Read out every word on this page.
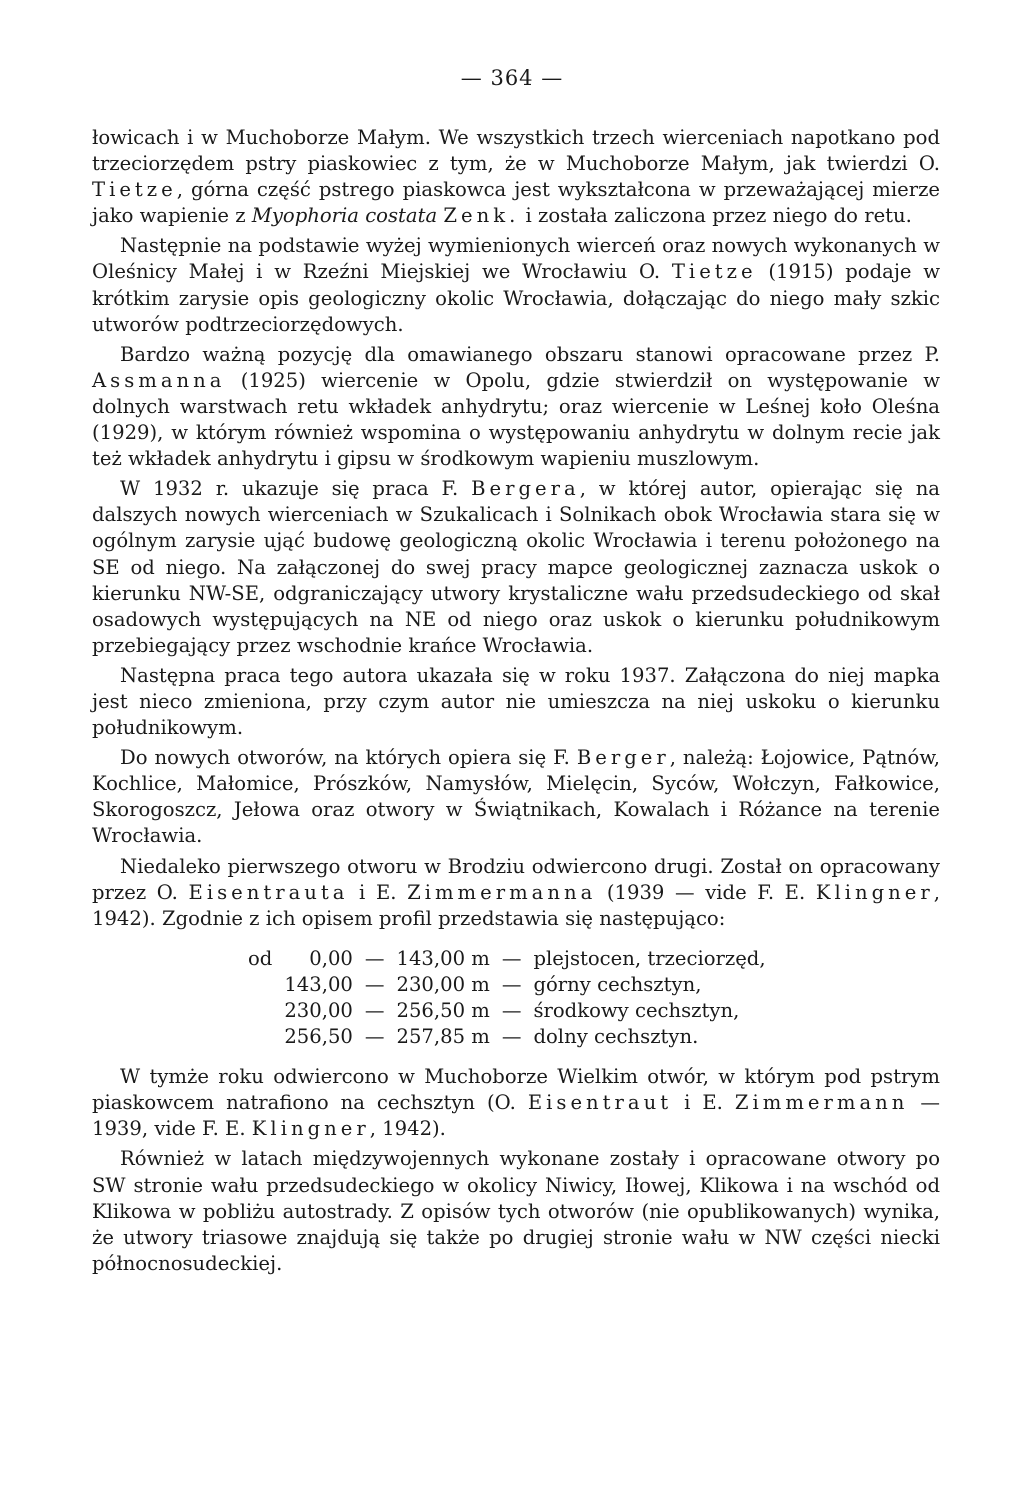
— 364 —

łowicach i w Muchoborze Małym. We wszystkich trzech wierceniach napotkano pod trzeciorzędem pstry piaskowiec z tym, że w Muchoborze Małym, jak twierdzi O. Tietze, górna część pstrego piaskowca jest wykształcona w przeważającej mierze jako wapienie z Myophoria costata Zenk. i została zaliczona przez niego do retu.

Następnie na podstawie wyżej wymienionych wierceń oraz nowych wykonanych w Oleśnicy Małej i w Rzeźni Miejskiej we Wrocławiu O. Tietze (1915) podaje w krótkim zarysie opis geologiczny okolic Wrocławia, dołączając do niego mały szkic utworów podtrzeciorzędowych.

Bardzo ważną pozycję dla omawianego obszaru stanowi opracowane przez P. Assmanna (1925) wiercenie w Opolu, gdzie stwierdził on występowanie w dolnych warstwach retu wkładek anhydrytu; oraz wiercenie w Leśnej koło Oleśna (1929), w którym również wspomina o występowaniu anhydrytu w dolnym recie jak też wkładek anhydrytu i gipsu w środkowym wapieniu muszlowym.

W 1932 r. ukazuje się praca F. Bergera, w której autor, opierając się na dalszych nowych wierceniach w Szukalicach i Solnikach obok Wrocławia stara się w ogólnym zarysie ująć budowę geologiczną okolic Wrocławia i terenu położonego na SE od niego. Na załączonej do swej pracy mapce geologicznej zaznacza uskok o kierunku NW-SE, odgraniczający utwory krystaliczne wału przedsudeckiego od skał osadowych występujących na NE od niego oraz uskok o kierunku południkowym przebiegający przez wschodnie krańce Wrocławia.

Następna praca tego autora ukazała się w roku 1937. Załączona do niej mapka jest nieco zmieniona, przy czym autor nie umieszcza na niej uskoku o kierunku południkowym.

Do nowych otworów, na których opiera się F. Berger, należą: Łojowice, Pątnów, Kochlice, Małomice, Prószków, Namysłów, Mielęcin, Syców, Wołczyn, Fałkowice, Skorogoszcz, Jełowa oraz otwory w Świątnikach, Kowalach i Różance na terenie Wrocławia.

Niedaleko pierwszego otworu w Brodziu odwiercono drugi. Został on opracowany przez O. Eisentrauta i E. Zimmermanna (1939 — vide F. E. Klingner, 1942). Zgodnie z ich opisem profil przedstawia się następująco:

od	0,00	—	143,00 m	—	plejstocen, trzeciorzęd,
	143,00	—	230,00 m	—	górny cechsztyn,
	230,00	—	256,50 m	—	środkowy cechsztyn,
	256,50	—	257,85 m	—	dolny cechsztyn.

W tymże roku odwiercono w Muchoborze Wielkim otwór, w którym pod pstrym piaskowcem natrafiono na cechsztyn (O. Eisentraut i E. Zimmermann — 1939, vide F. E. Klingner, 1942).

Również w latach międzywojennych wykonane zostały i opracowane otwory po SW stronie wału przedsudeckiego w okolicy Niwicy, Iłowej, Klikowa i na wschód od Klikowa w pobliżu autostrady. Z opisów tych otworów (nie opublikowanych) wynika, że utwory triasowe znajdują się także po drugiej stronie wału w NW części niecki północnosudeckiej.
